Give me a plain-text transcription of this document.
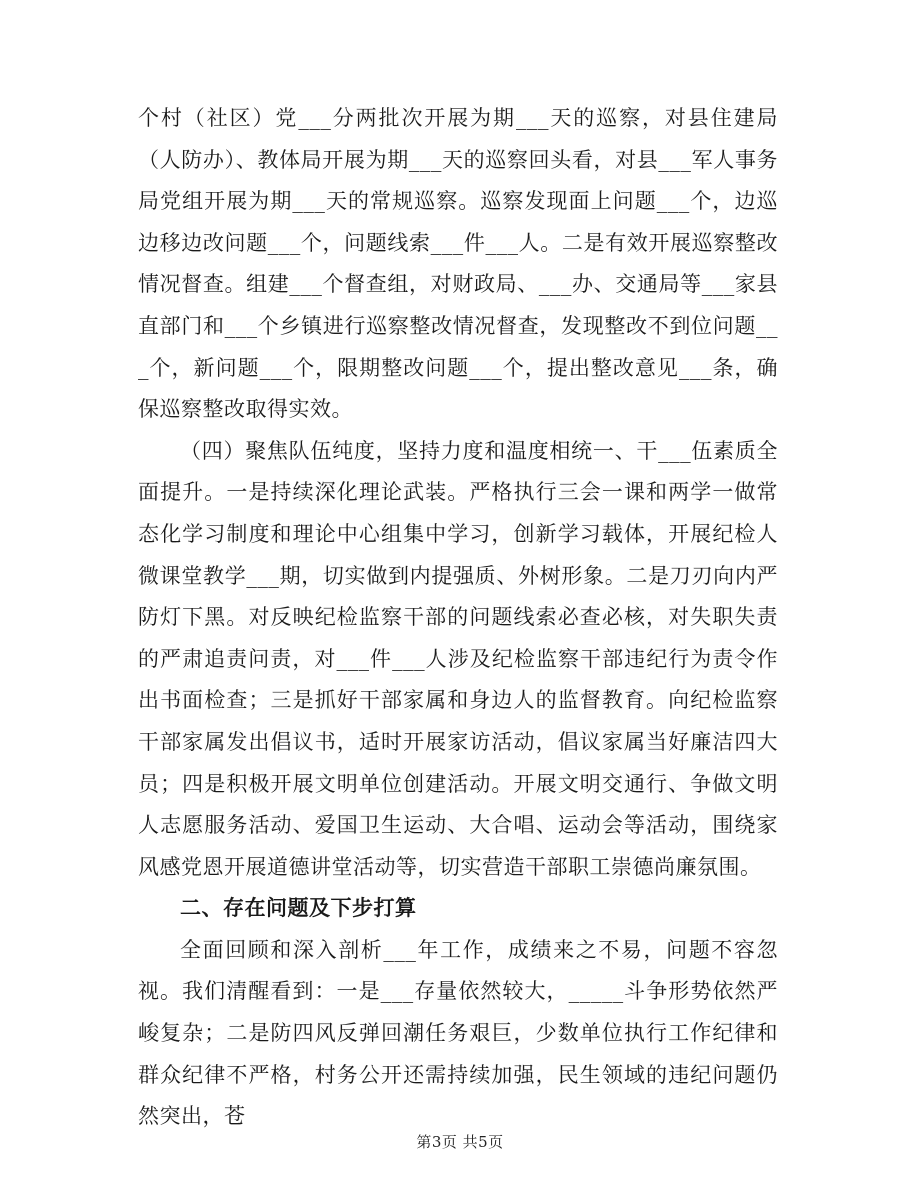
个村（社区）党___分两批次开展为期___天的巡察，对县住建局（人防办）、教体局开展为期___天的巡察回头看，对县___军人事务局党组开展为期___天的常规巡察。巡察发现面上问题___个，边巡边移边改问题___个，问题线索___件___人。二是有效开展巡察整改情况督查。组建___个督查组，对财政局、___办、交通局等___家县直部门和___个乡镇进行巡察整改情况督查，发现整改不到位问题___个，新问题___个，限期整改问题___个，提出整改意见___条，确保巡察整改取得实效。

（四）聚焦队伍纯度，坚持力度和温度相统一、干___伍素质全面提升。一是持续深化理论武装。严格执行三会一课和两学一做常态化学习制度和理论中心组集中学习，创新学习载体，开展纪检人微课堂教学___期，切实做到内提强质、外树形象。二是刀刃向内严防灯下黑。对反映纪检监察干部的问题线索必查必核，对失职失责的严肃追责问责，对___件___人涉及纪检监察干部违纪行为责令作出书面检查；三是抓好干部家属和身边人的监督教育。向纪检监察干部家属发出倡议书，适时开展家访活动，倡议家属当好廉洁四大员；四是积极开展文明单位创建活动。开展文明交通行、争做文明人志愿服务活动、爱国卫生运动、大合唱、运动会等活动，围绕家风感党恩开展道德讲堂活动等，切实营造干部职工崇德尚廉氛围。

二、存在问题及下步打算

全面回顾和深入剖析___年工作，成绩来之不易，问题不容忽视。我们清醒看到：一是___存量依然较大，_____斗争形势依然严峻复杂；二是防四风反弹回潮任务艰巨，少数单位执行工作纪律和群众纪律不严格，村务公开还需持续加强，民生领域的违纪问题仍然突出，苍

第3页 共5页
